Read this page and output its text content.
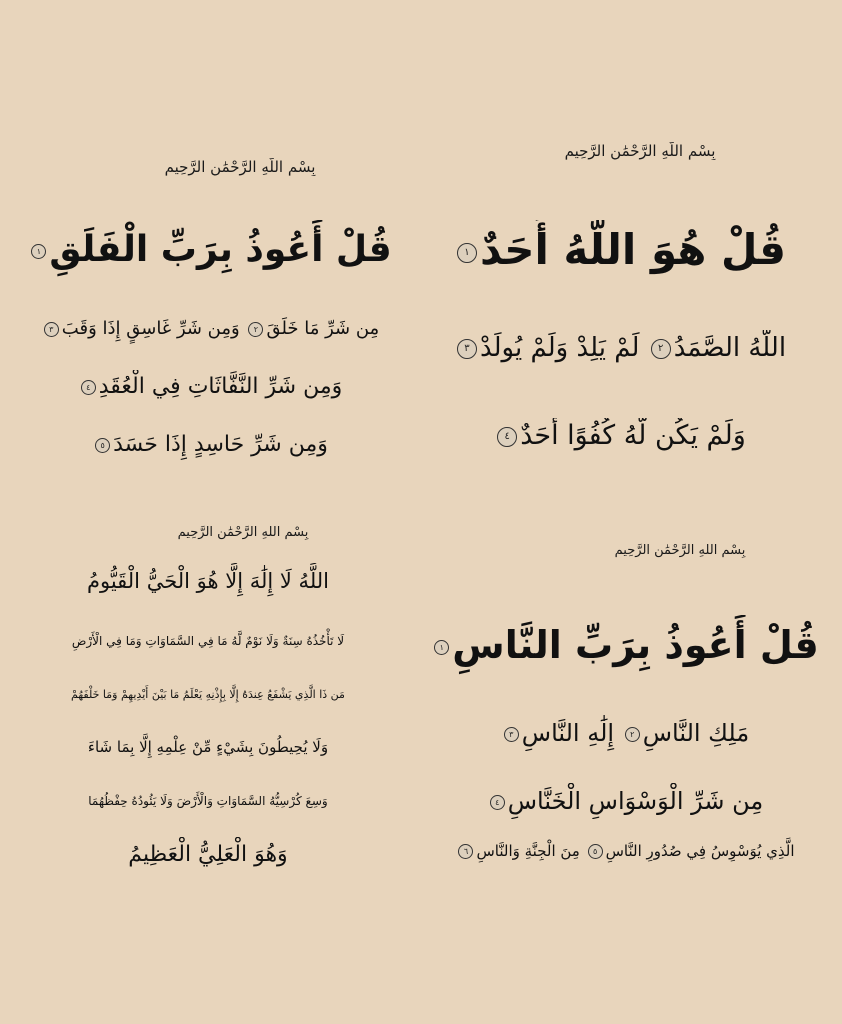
بِسْمِ اللَّهِ الرَّحْمَٰنِ الرَّحِيمِ
قُلْ هُوَ اللَّهُ أَحَدٌ١
اللَّهُ الصَّمَدُ٢ لَمْ يَلِدْ وَلَمْ يُولَدْ٣
وَلَمْ يَكُن لَّهُ كُفُوًا أَحَدٌ٤
بِسْمِ اللَّهِ الرَّحْمَٰنِ الرَّحِيمِ
قُلْ أَعُوذُ بِرَبِّ الْفَلَقِ١
مِن شَرِّ مَا خَلَقَ٢ وَمِن شَرِّ غَاسِقٍ إِذَا وَقَبَ٣
وَمِن شَرِّ النَّفَّاثَاتِ فِي الْعُقَدِ٤
وَمِن شَرِّ حَاسِدٍ إِذَا حَسَدَ٥
بِسْمِ اللَّهِ الرَّحْمَٰنِ الرَّحِيمِ
قُلْ أَعُوذُ بِرَبِّ النَّاسِ١
مَلِكِ النَّاسِ٢ إِلَٰهِ النَّاسِ٣
مِن شَرِّ الْوَسْوَاسِ الْخَنَّاسِ٤
الَّذِي يُوَسْوِسُ فِي صُدُورِ النَّاسِ٥ مِنَ الْجِنَّةِ وَالنَّاسِ٦
بِسْمِ اللَّهِ الرَّحْمَٰنِ الرَّحِيمِ
اللَّهُ لَا إِلَٰهَ إِلَّا هُوَ الْحَيُّ الْقَيُّومُ
لَا تَأْخُذُهُ سِنَةٌ وَلَا نَوْمٌ لَّهُ مَا فِي السَّمَاوَاتِ وَمَا فِي الْأَرْضِ
مَن ذَا الَّذِي يَشْفَعُ عِندَهُ إِلَّا بِإِذْنِهِ يَعْلَمُ مَا بَيْنَ أَيْدِيهِمْ وَمَا خَلْفَهُمْ
وَلَا يُحِيطُونَ بِشَيْءٍ مِّنْ عِلْمِهِ إِلَّا بِمَا شَاءَ
وَسِعَ كُرْسِيُّهُ السَّمَاوَاتِ وَالْأَرْضَ وَلَا يَئُودُهُ حِفْظُهُمَا
وَهُوَ الْعَلِيُّ الْعَظِيمُ
